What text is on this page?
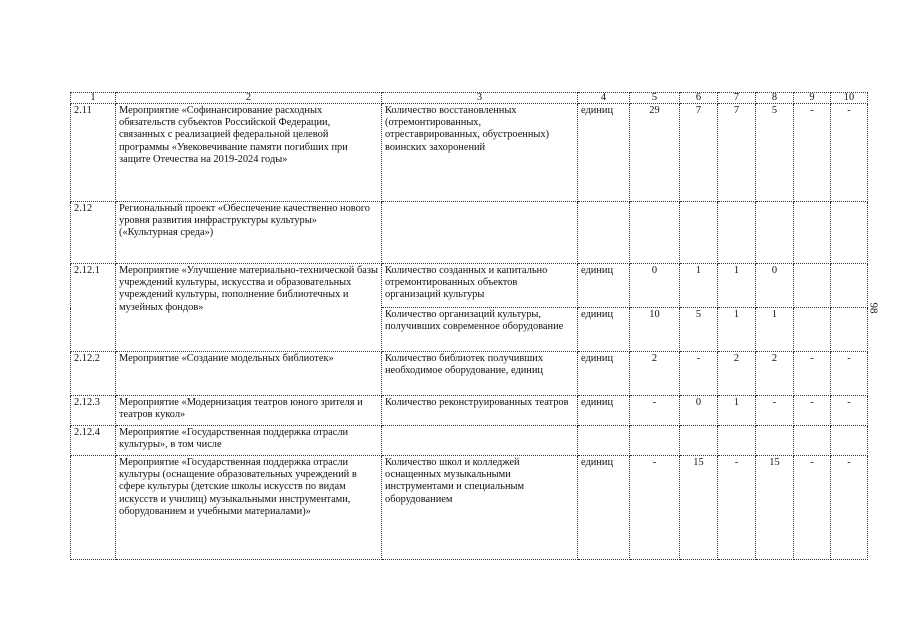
1	2	3	4	5	6	7	8	9	10
2.11	Мероприятие «Софинансирование расходных обязательств субъектов Российской Федерации, связанных с реализацией федеральной целевой программы «Увековечивание памяти погибших при защите Отечества на 2019-2024 годы»	Количество восстановленных (отремонтированных, отреставрированных, обустроенных) воинских захоронений	единиц	29	7	7	5	-	-
2.12	Региональный проект «Обеспечение качественно нового уровня развития инфраструктуры культуры» («Культурная среда»)								
2.12.1	Мероприятие «Улучшение материально-технической базы учреждений культуры, искусства и образовательных учреждений культуры, пополнение библиотечных и музейных фондов»	Количество созданных и капитально отремонтированных объектов организаций культуры	единиц	0	1	1	0		
		Количество организаций культуры, получивших современное оборудование	единиц	10	5	1	1		
2.12.2	Мероприятие «Создание модельных библиотек»	Количество библиотек получивших необходимое оборудование, единиц	единиц	2	-	2	2	-	-
2.12.3	Мероприятие «Модернизация театров юного зрителя и театров кукол»	Количество реконструированных театров	единиц	-	0	1	-	-	-
2.12.4	Мероприятие «Государственная поддержка отрасли культуры», в том числе								
	Мероприятие «Государственная поддержка отрасли культуры (оснащение образовательных учреждений в сфере культуры (детские школы искусств по видам искусств и училищ) музыкальными инструментами, оборудованием и учебными материалами)»	Количество школ и колледжей оснащенных музыкальными инструментами и специальным оборудованием	единиц	-	15	-	15	-	-
98
